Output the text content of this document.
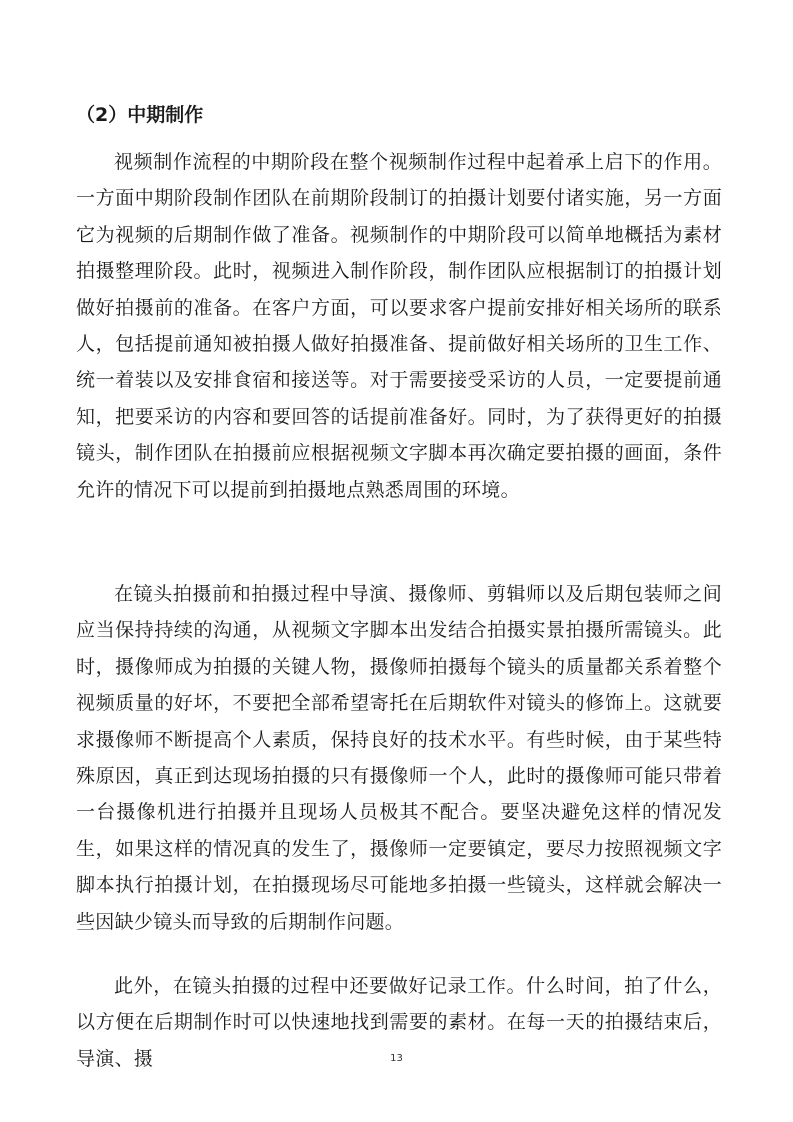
（2）中期制作

视频制作流程的中期阶段在整个视频制作过程中起着承上启下的作用。一方面中期阶段制作团队在前期阶段制订的拍摄计划要付诸实施，另一方面它为视频的后期制作做了准备。视频制作的中期阶段可以简单地概括为素材拍摄整理阶段。此时，视频进入制作阶段，制作团队应根据制订的拍摄计划做好拍摄前的准备。在客户方面，可以要求客户提前安排好相关场所的联系人，包括提前通知被拍摄人做好拍摄准备、提前做好相关场所的卫生工作、统一着装以及安排食宿和接送等。对于需要接受采访的人员，一定要提前通知，把要采访的内容和要回答的话提前准备好。同时，为了获得更好的拍摄镜头，制作团队在拍摄前应根据视频文字脚本再次确定要拍摄的画面，条件允许的情况下可以提前到拍摄地点熟悉周围的环境。

在镜头拍摄前和拍摄过程中导演、摄像师、剪辑师以及后期包装师之间应当保持持续的沟通，从视频文字脚本出发结合拍摄实景拍摄所需镜头。此时，摄像师成为拍摄的关键人物，摄像师拍摄每个镜头的质量都关系着整个视频质量的好坏，不要把全部希望寄托在后期软件对镜头的修饰上。这就要求摄像师不断提高个人素质，保持良好的技术水平。有些时候，由于某些特殊原因，真正到达现场拍摄的只有摄像师一个人，此时的摄像师可能只带着一台摄像机进行拍摄并且现场人员极其不配合。要坚决避免这样的情况发生，如果这样的情况真的发生了，摄像师一定要镇定，要尽力按照视频文字脚本执行拍摄计划，在拍摄现场尽可能地多拍摄一些镜头，这样就会解决一些因缺少镜头而导致的后期制作问题。

此外，在镜头拍摄的过程中还要做好记录工作。什么时间，拍了什么，以方便在后期制作时可以快速地找到需要的素材。在每一天的拍摄结束后，导演、摄	13
